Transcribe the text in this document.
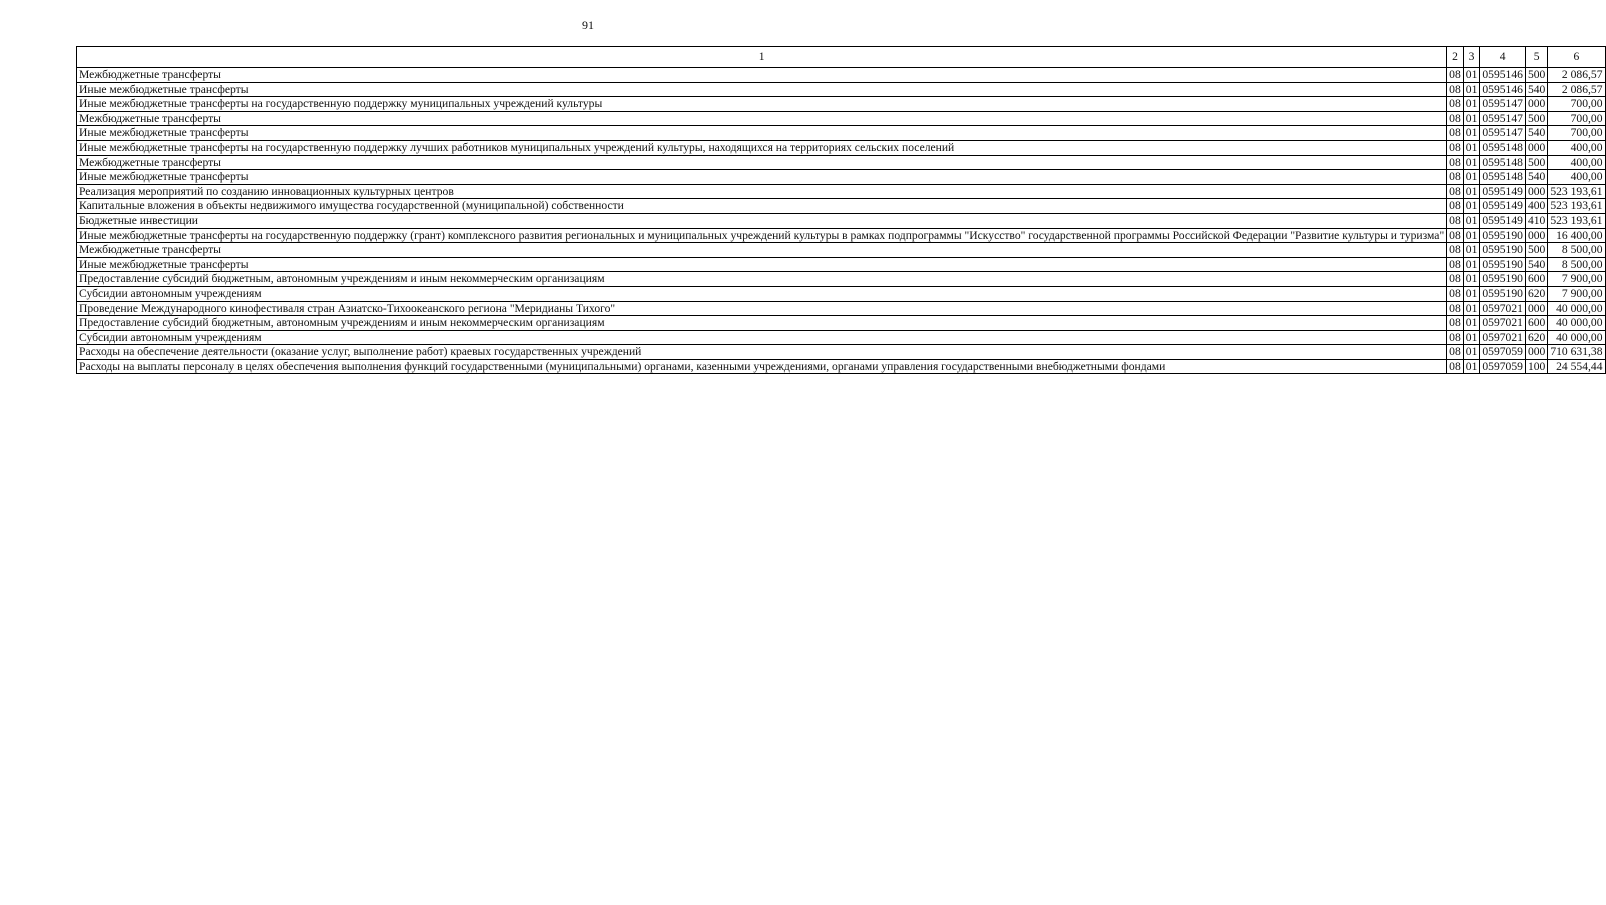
91
1	2	3	4	5	6
Межбюджетные трансферты	08	01	0595146	500	2 086,57
Иные межбюджетные трансферты	08	01	0595146	540	2 086,57
Иные межбюджетные трансферты на государственную поддержку муниципальных учреждений культуры	08	01	0595147	000	700,00
Межбюджетные трансферты	08	01	0595147	500	700,00
Иные межбюджетные трансферты	08	01	0595147	540	700,00
Иные межбюджетные трансферты на государственную поддержку лучших работников муниципальных учреждений культуры, находящихся на территориях сельских поселений	08	01	0595148	000	400,00
Межбюджетные трансферты	08	01	0595148	500	400,00
Иные межбюджетные трансферты	08	01	0595148	540	400,00
Реализация мероприятий по созданию инновационных культурных центров	08	01	0595149	000	523 193,61
Капитальные вложения в объекты недвижимого имущества государственной (муниципальной) собственности	08	01	0595149	400	523 193,61
Бюджетные инвестиции	08	01	0595149	410	523 193,61
Иные межбюджетные трансферты на государственную поддержку (грант) комплексного развития региональных и муниципальных учреждений культуры в рамках подпрограммы "Искусство" государственной программы Российской Федерации "Развитие культуры и туризма"	08	01	0595190	000	16 400,00
Межбюджетные трансферты	08	01	0595190	500	8 500,00
Иные межбюджетные трансферты	08	01	0595190	540	8 500,00
Предоставление субсидий бюджетным, автономным учреждениям и иным некоммерческим организациям	08	01	0595190	600	7 900,00
Субсидии автономным учреждениям	08	01	0595190	620	7 900,00
Проведение Международного кинофестиваля стран Азиатско-Тихоокеанского региона "Меридианы Тихого"	08	01	0597021	000	40 000,00
Предоставление субсидий бюджетным, автономным учреждениям и иным некоммерческим организациям	08	01	0597021	600	40 000,00
Субсидии автономным учреждениям	08	01	0597021	620	40 000,00
Расходы на обеспечение деятельности (оказание услуг, выполнение работ) краевых государственных учреждений	08	01	0597059	000	710 631,38
Расходы на выплаты персоналу в целях обеспечения выполнения функций государственными (муниципальными) органами, казенными учреждениями, органами управления государственными внебюджетными фондами	08	01	0597059	100	24 554,44
